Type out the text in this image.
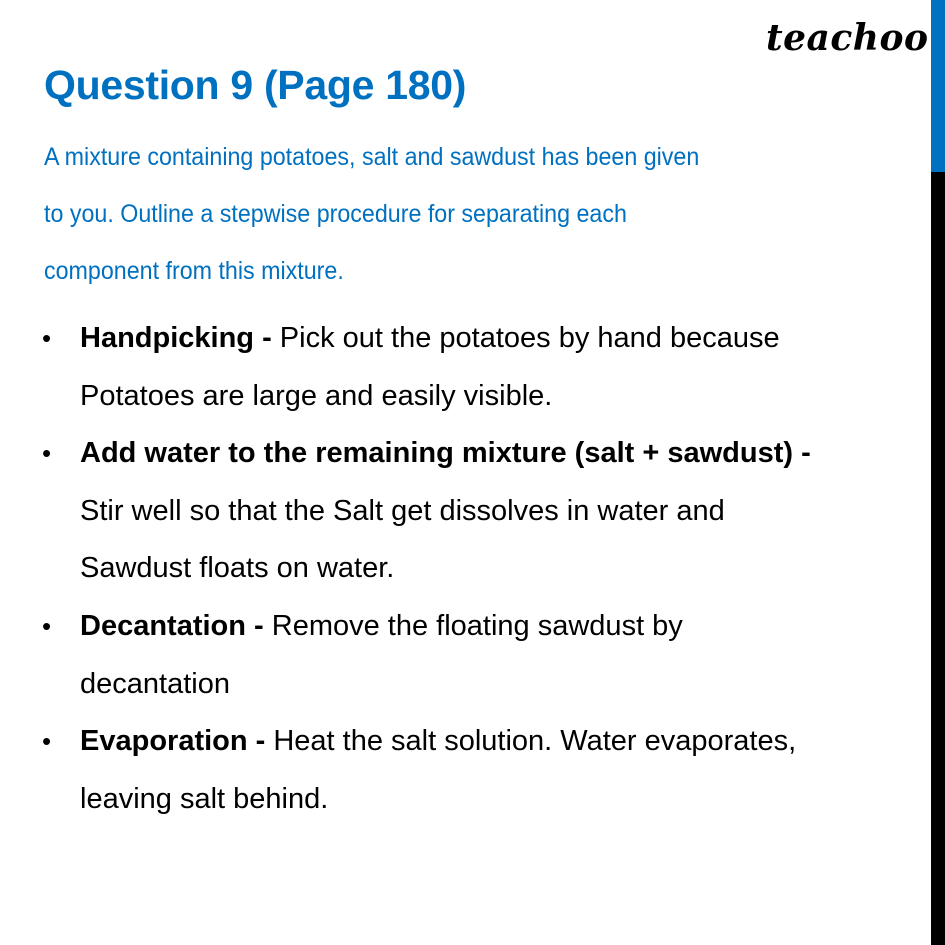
teachoo
Question 9 (Page 180)
A mixture containing potatoes, salt and sawdust has been given
to you. Outline a stepwise procedure for separating each
component from this mixture.
• Handpicking - Pick out the potatoes by hand because
Potatoes are large and easily visible.
• Add water to the remaining mixture (salt + sawdust) -
Stir well so that the Salt get dissolves in water and
Sawdust floats on water.
• Decantation - Remove the floating sawdust by
decantation
• Evaporation - Heat the salt solution. Water evaporates,
leaving salt behind.
